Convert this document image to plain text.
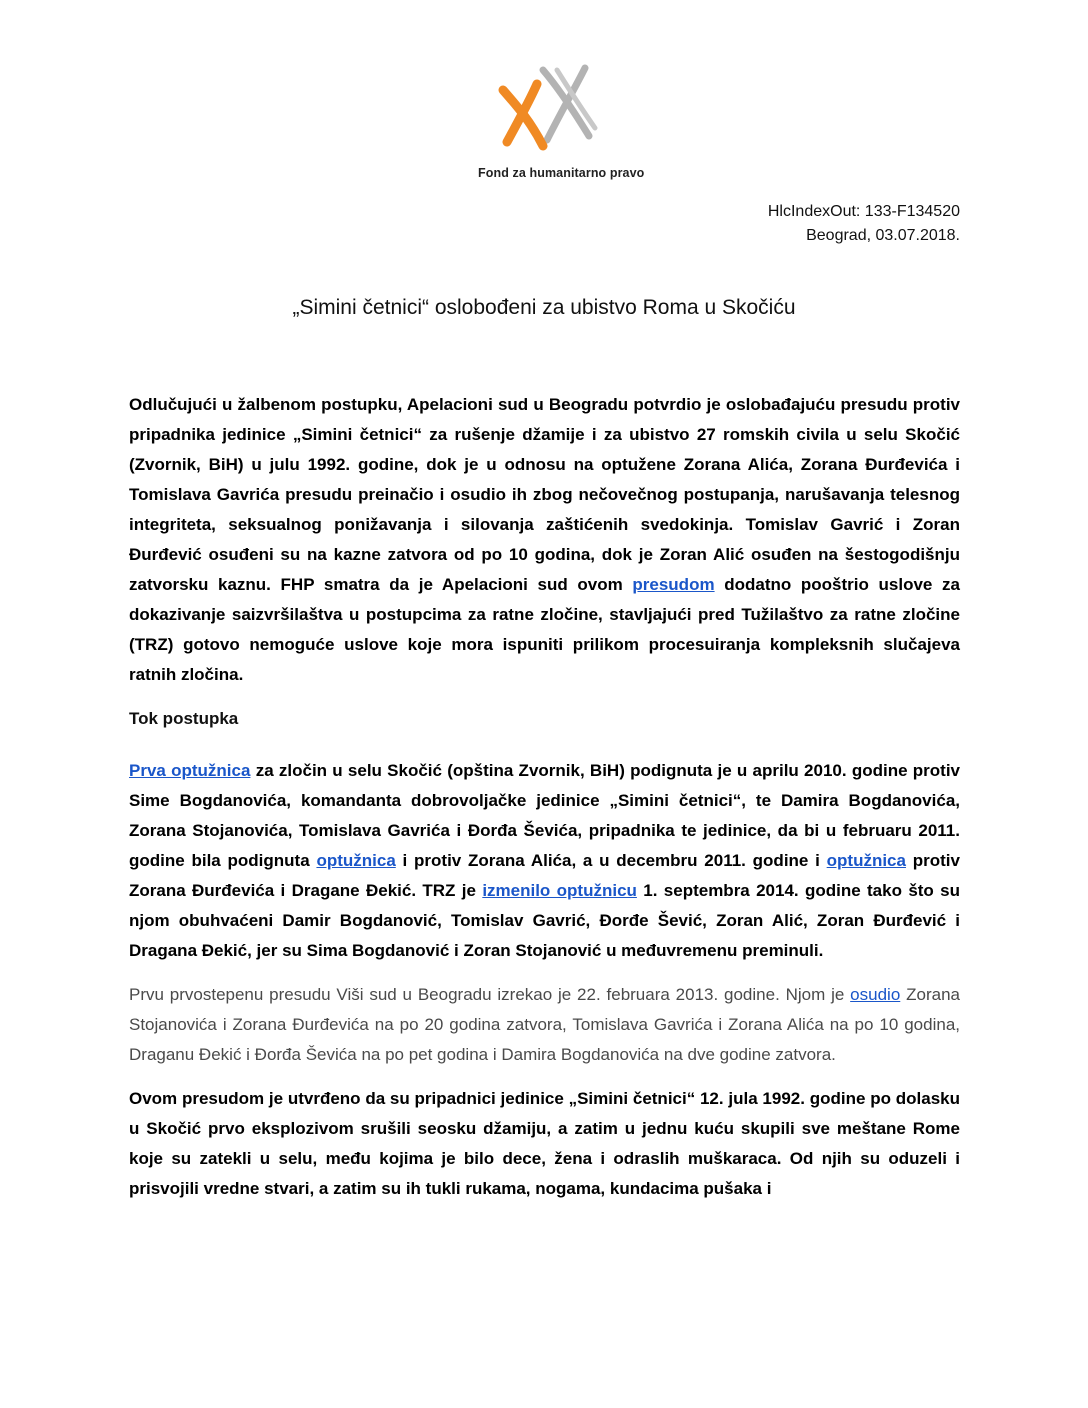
Fond za humanitarno pravo
HlcIndexOut: 133-F134520
Beograd, 03.07.2018.
„Simini četnici“ oslobođeni za ubistvo Roma u Skočiću

Odlučujući u žalbenom postupku, Apelacioni sud u Beogradu potvrdio je oslobađajuću presudu protiv pripadnika jedinice „Simini četnici“ za rušenje džamije i za ubistvo 27 romskih civila u selu Skočić (Zvornik, BiH) u julu 1992. godine, dok je u odnosu na optužene Zorana Alića, Zorana Đurđevića i Tomislava Gavrića presudu preinačio i osudio ih zbog nečovečnog postupanja, narušavanja telesnog integriteta, seksualnog ponižavanja i silovanja zaštićenih svedokinja. Tomislav Gavrić i Zoran Đurđević osuđeni su na kazne zatvora od po 10 godina, dok je Zoran Alić osuđen na šestogodišnju zatvorsku kaznu. FHP smatra da je Apelacioni sud ovom presudom dodatno pooštrio uslove za dokazivanje saizvršilaštva u postupcima za ratne zločine, stavljajući pred Tužilaštvo za ratne zločine (TRZ) gotovo nemoguće uslove koje mora ispuniti prilikom procesuiranja kompleksnih slučajeva ratnih zločina.

Tok postupka

Prva optužnica za zločin u selu Skočić (opština Zvornik, BiH) podignuta je u aprilu 2010. godine protiv Sime Bogdanovića, komandanta dobrovoljačke jedinice „Simini četnici“, te Damira Bogdanovića, Zorana Stojanovića, Tomislava Gavrića i Đorđa Ševića, pripadnika te jedinice, da bi u februaru 2011. godine bila podignuta optužnica i protiv Zorana Alića, a u decembru 2011. godine i optužnica protiv Zorana Đurđevića i Dragane Đekić. TRZ je izmenilo optužnicu 1. septembra 2014. godine tako što su njom obuhvaćeni Damir Bogdanović, Tomislav Gavrić, Đorđe Šević, Zoran Alić, Zoran Đurđević i Dragana Đekić, jer su Sima Bogdanović i Zoran Stojanović u međuvremenu preminuli.

Prvu prvostepenu presudu Viši sud u Beogradu izrekao je 22. februara 2013. godine. Njom je osudio Zorana Stojanovića i Zorana Đurđevića na po 20 godina zatvora, Tomislava Gavrića i Zorana Alića na po 10 godina, Draganu Đekić i Đorđa Ševića na po pet godina i Damira Bogdanovića na dve godine zatvora.

Ovom presudom je utvrđeno da su pripadnici jedinice „Simini četnici“ 12. jula 1992. godine po dolasku u Skočić prvo eksplozivom srušili seosku džamiju, a zatim u jednu kuću skupili sve meštane Rome koje su zatekli u selu, među kojima je bilo dece, žena i odraslih muškaraca. Od njih su oduzeli i prisvojili vredne stvari, a zatim su ih tukli rukama, nogama, kundacima pušaka i
